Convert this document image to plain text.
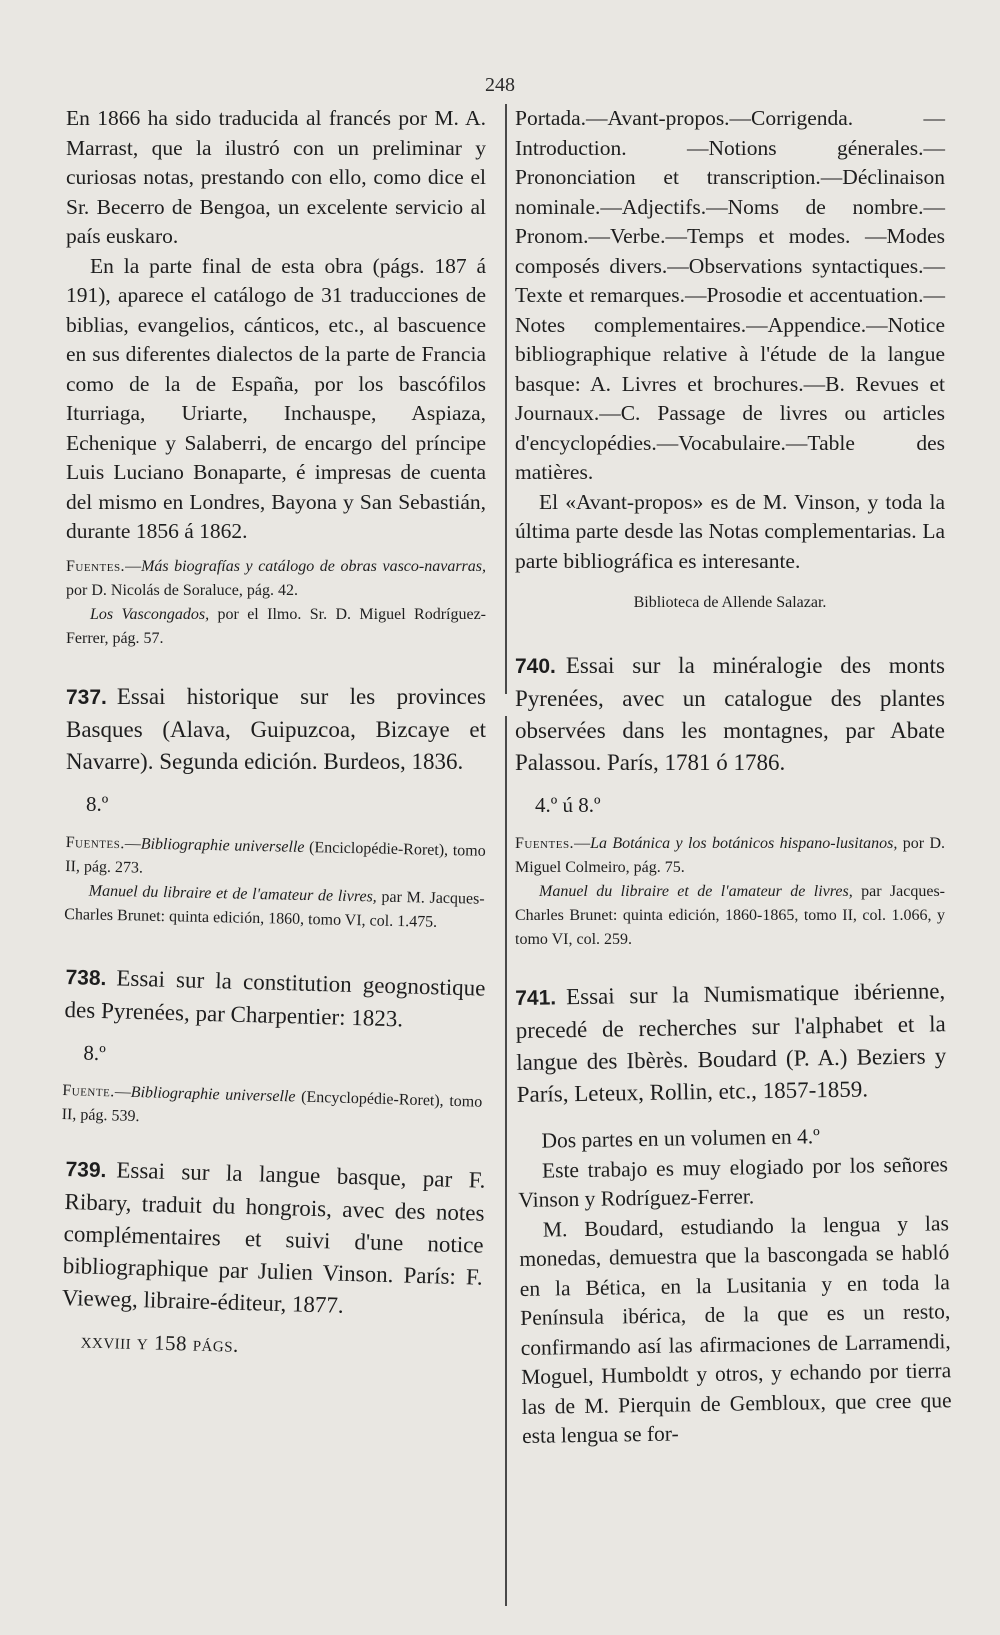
248

En 1866 ha sido traducida al francés por M. A. Marrast, que la ilustró con un preliminar y curiosas notas, prestando con ello, como dice el Sr. Becerro de Bengoa, un excelente servicio al país euskaro.

En la parte final de esta obra (págs. 187 á 191), aparece el catálogo de 31 traducciones de biblias, evangelios, cánticos, etc., al bascuence en sus diferentes dialectos de la parte de Francia como de la de España, por los bascófilos Iturriaga, Uriarte, Inchauspe, Aspiaza, Echenique y Salaberri, de encargo del príncipe Luis Luciano Bonaparte, é impresas de cuenta del mismo en Londres, Bayona y San Sebastián, durante 1856 á 1862.

Fuentes.—Más biografías y catálogo de obras vasco-navarras, por D. Nicolás de Soraluce, pág. 42.

Los Vascongados, por el Ilmo. Sr. D. Miguel Rodríguez-Ferrer, pág. 57.

737. Essai historique sur les provinces Basques (Alava, Guipuzcoa, Bizcaye et Navarre). Segunda edición. Burdeos, 1836.

8.º

Fuentes.—Bibliographie universelle (Enciclopédie-Roret), tomo II, pág. 273.

Manuel du libraire et de l'amateur de livres, par M. Jacques-Charles Brunet: quinta edición, 1860, tomo VI, col. 1.475.

738. Essai sur la constitution geognostique des Pyrenées, par Charpentier: 1823.

8.º

Fuente.—Bibliographie universelle (Encyclopédie-Roret), tomo II, pág. 539.

739. Essai sur la langue basque, par F. Ribary, traduit du hongrois, avec des notes complémentaires et suivi d'une notice bibliographique par Julien Vinson. París: F. Vieweg, libraire-éditeur, 1877.

xxviii y 158 págs.

Portada.—Avant-propos.—Corrigenda. —Introduction. —Notions génerales.—Prononciation et transcription.—Déclinaison nominale.—Adjectifs.—Noms de nombre.—Pronom.—Verbe.—Temps et modes. —Modes composés divers.—Observations syntactiques.—Texte et remarques.—Prosodie et accentuation.—Notes complementaires.—Appendice.—Notice bibliographique relative à l'étude de la langue basque: A. Livres et brochures.—B. Revues et Journaux.—C. Passage de livres ou articles d'encyclopédies.—Vocabulaire.—Table des matières.

El «Avant-propos» es de M. Vinson, y toda la última parte desde las Notas complementarias. La parte bibliográfica es interesante.

Biblioteca de Allende Salazar.

740. Essai sur la minéralogie des monts Pyrenées, avec un catalogue des plantes observées dans les montagnes, par Abate Palassou. París, 1781 ó 1786.

4.º ú 8.º

Fuentes.—La Botánica y los botánicos hispano-lusitanos, por D. Miguel Colmeiro, pág. 75.

Manuel du libraire et de l'amateur de livres, par Jacques-Charles Brunet: quinta edición, 1860-1865, tomo II, col. 1.066, y tomo VI, col. 259.

741. Essai sur la Numismatique ibérienne, precedé de recherches sur l'alphabet et la langue des Ibèrès. Boudard (P. A.) Beziers y París, Leteux, Rollin, etc., 1857-1859.

Dos partes en un volumen en 4.º

Este trabajo es muy elogiado por los señores Vinson y Rodríguez-Ferrer.

M. Boudard, estudiando la lengua y las monedas, demuestra que la bascongada se habló en la Bética, en la Lusitania y en toda la Península ibérica, de la que es un resto, confirmando así las afirmaciones de Larramendi, Moguel, Humboldt y otros, y echando por tierra las de M. Pierquin de Gembloux, que cree que esta lengua se for-
